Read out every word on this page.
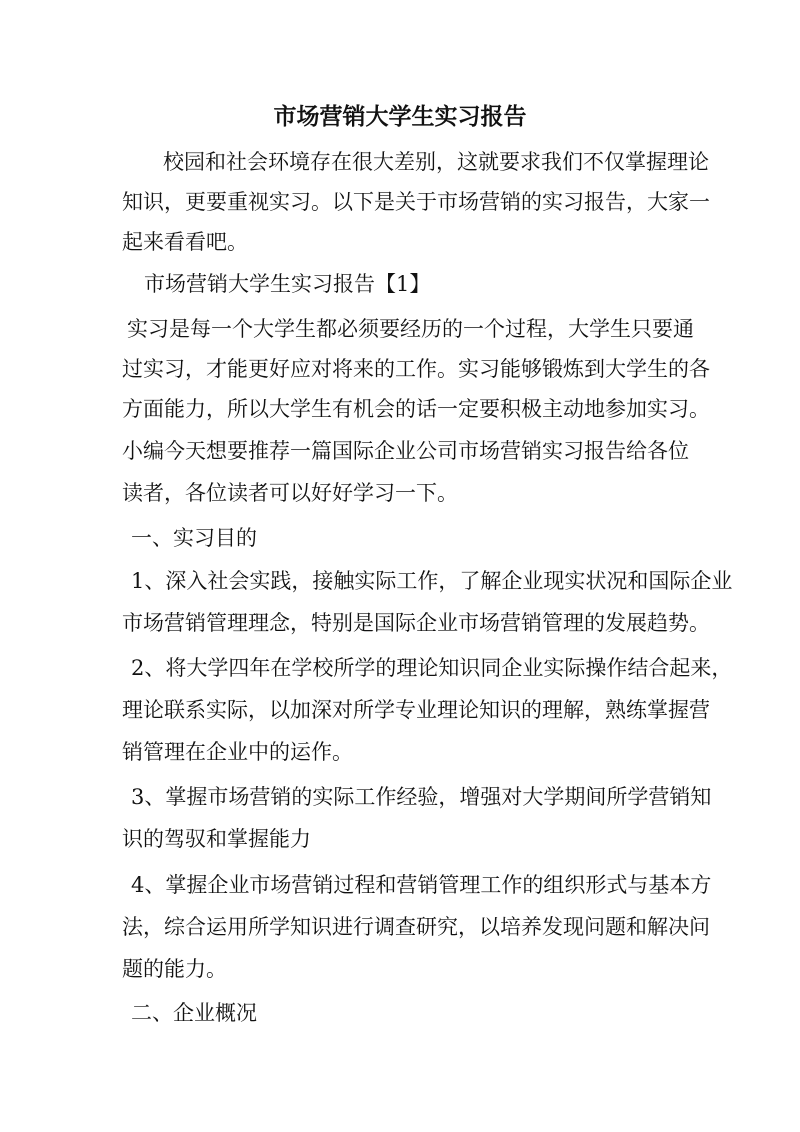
市场营销大学生实习报告
校园和社会环境存在很大差别，这就要求我们不仅掌握理论
知识，更要重视实习。以下是关于市场营销的实习报告，大家一
起来看看吧。
市场营销大学生实习报告【1】
实习是每一个大学生都必须要经历的一个过程，大学生只要通
过实习，才能更好应对将来的工作。实习能够锻炼到大学生的各
方面能力，所以大学生有机会的话一定要积极主动地参加实习。
小编今天想要推荐一篇国际企业公司市场营销实习报告给各位
读者，各位读者可以好好学习一下。
一、实习目的
1、深入社会实践，接触实际工作，了解企业现实状况和国际企业
市场营销管理理念，特别是国际企业市场营销管理的发展趋势。
2、将大学四年在学校所学的理论知识同企业实际操作结合起来，
理论联系实际，以加深对所学专业理论知识的理解，熟练掌握营
销管理在企业中的运作。
3、掌握市场营销的实际工作经验，增强对大学期间所学营销知
识的驾驭和掌握能力
4、掌握企业市场营销过程和营销管理工作的组织形式与基本方
法，综合运用所学知识进行调查研究，以培养发现问题和解决问
题的能力。
二、企业概况
